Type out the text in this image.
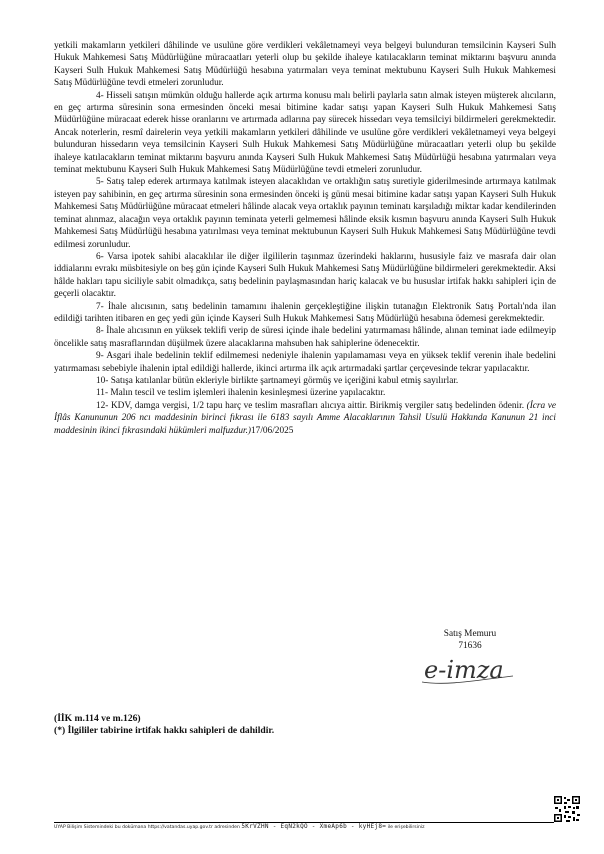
yetkili makamların yetkileri dâhilinde ve usulüne göre verdikleri vekâletnameyi veya belgeyi bulunduran temsilcinin Kayseri Sulh Hukuk Mahkemesi Satış Müdürlüğüne müracaatları yeterli olup bu şekilde ihaleye katılacakların teminat miktarını başvuru anında Kayseri Sulh Hukuk Mahkemesi Satış Müdürlüğü hesabına yatırmaları veya teminat mektubunu Kayseri Sulh Hukuk Mahkemesi Satış Müdürlüğüne tevdi etmeleri zorunludur.

4- Hisseli satışın mümkün olduğu hallerde açık artırma konusu malı belirli paylarla satın almak isteyen müşterek alıcıların, en geç artırma süresinin sona ermesinden önceki mesai bitimine kadar satışı yapan Kayseri Sulh Hukuk Mahkemesi Satış Müdürlüğüne müracaat ederek hisse oranlarını ve artırmada adlarına pay sürecek hissedarı veya temsilciyi bildirmeleri gerekmektedir. Ancak noterlerin, resmî dairelerin veya yetkili makamların yetkileri dâhilinde ve usulüne göre verdikleri vekâletnameyi veya belgeyi bulunduran hissedarın veya temsilcinin Kayseri Sulh Hukuk Mahkemesi Satış Müdürlüğüne müracaatları yeterli olup bu şekilde ihaleye katılacakların teminat miktarını başvuru anında Kayseri Sulh Hukuk Mahkemesi Satış Müdürlüğü hesabına yatırmaları veya teminat mektubunu Kayseri Sulh Hukuk Mahkemesi Satış Müdürlüğüne tevdi etmeleri zorunludur.

5- Satış talep ederek artırmaya katılmak isteyen alacaklıdan ve ortaklığın satış suretiyle giderilmesinde artırmaya katılmak isteyen pay sahibinin, en geç artırma süresinin sona ermesinden önceki iş günü mesai bitimine kadar satışı yapan Kayseri Sulh Hukuk Mahkemesi Satış Müdürlüğüne müracaat etmeleri hâlinde alacak veya ortaklık payının teminatı karşıladığı miktar kadar kendilerinden teminat alınmaz, alacağın veya ortaklık payının teminata yeterli gelmemesi hâlinde eksik kısmın başvuru anında Kayseri Sulh Hukuk Mahkemesi Satış Müdürlüğü hesabına yatırılması veya teminat mektubunun Kayseri Sulh Hukuk Mahkemesi Satış Müdürlüğüne tevdi edilmesi zorunludur.

6- Varsa ipotek sahibi alacaklılar ile diğer ilgililerin taşınmaz üzerindeki haklarını, hususiyle faiz ve masrafa dair olan iddialarını evrakı müsbitesiyle on beş gün içinde Kayseri Sulh Hukuk Mahkemesi Satış Müdürlüğüne bildirmeleri gerekmektedir. Aksi hâlde hakları tapu siciliyle sabit olmadıkça, satış bedelinin paylaşmasından hariç kalacak ve bu hususlar irtifak hakkı sahipleri için de geçerli olacaktır.

7- İhale alıcısının, satış bedelinin tamamını ihalenin gerçekleştiğine ilişkin tutanağın Elektronik Satış Portalı'nda ilan edildiği tarihten itibaren en geç yedi gün içinde Kayseri Sulh Hukuk Mahkemesi Satış Müdürlüğü hesabına ödemesi gerekmektedir.

8- İhale alıcısının en yüksek teklifi verip de süresi içinde ihale bedelini yatırmaması hâlinde, alınan teminat iade edilmeyip öncelikle satış masraflarından düşülmek üzere alacaklarına mahsuben hak sahiplerine ödenecektir.

9- Asgari ihale bedelinin teklif edilmemesi nedeniyle ihalenin yapılamaması veya en yüksek teklif verenin ihale bedelini yatırmaması sebebiyle ihalenin iptal edildiği hallerde, ikinci artırma ilk açık artırmadaki şartlar çerçevesinde tekrar yapılacaktır.

10- Satışa katılanlar bütün ekleriyle birlikte şartnameyi görmüş ve içeriğini kabul etmiş sayılırlar.

11- Malın tescil ve teslim işlemleri ihalenin kesinleşmesi üzerine yapılacaktır.

12- KDV, damga vergisi, 1/2 tapu harç ve teslim masrafları alıcıya aittir. Birikmiş vergiler satış bedelinden ödenir. (İcra ve İflâs Kanununun 206 ncı maddesinin birinci fıkrası ile 6183 sayılı Amme Alacaklarının Tahsil Usulü Hakkında Kanunun 21 inci maddesinin ikinci fıkrasındaki hükümleri malfuzdur.)17/06/2025

Satış Memuru
71636
e-imza
(İİK m.114 ve m.126)
(*) İlgililer tabirine irtifak hakkı sahipleri de dahildir.
UYAP Bilişim Sistemindeki bu dokümana https://vatandas.uyap.gov.tr adresinden 5KrVZHN - EqN2kQO - XmeAp6b - kyHEj8= ile erişebilirsiniz
